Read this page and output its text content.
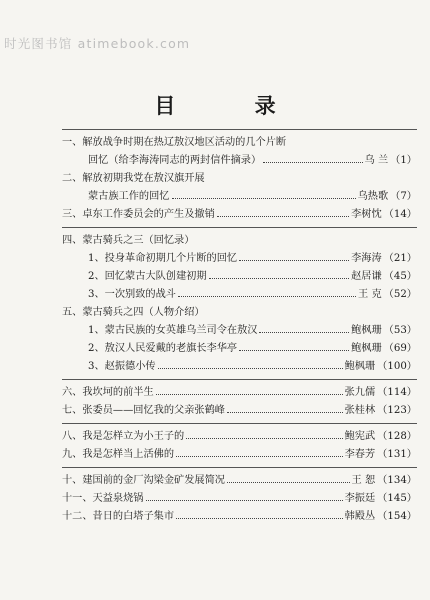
时光图书馆 atimebook.com
目 录
一、解放战争时期在热辽敖汉地区活动的几个片断
回忆（给李海涛同志的两封信件摘录）	乌 兰 （1）
二、解放初期我党在敖汉旗开展
蒙古族工作的回忆	乌热歌 （7）
三、卓东工作委员会的产生及撤销	李树忱 （14）
四、蒙古骑兵之三（回忆录）
1、投身革命初期几个片断的回忆	李海涛 （21）
2、回忆蒙古大队创建初期	赵居谦 （45）
3、一次别致的战斗	王 克 （52）
五、蒙古骑兵之四（人物介绍）
1、蒙古民族的女英雄乌兰司令在敖汉	鲍枫珊 （53）
2、敖汉人民爱戴的老旗长李华亭	鲍枫珊 （69）
3、赵振德小传	鲍枫珊 （100）
六、我坎坷的前半生	张九儒 （114）
七、张委员——回忆我的父亲张鹤峰	张桂林 （123）
八、我是怎样立为小王子的	鲍宪武 （128）
九、我是怎样当上活佛的	李春芳 （131）
十、建国前的金厂沟梁金矿发展简况	王 恕 （134）
十一、天益泉烧锅	李振廷 （145）
十二、昔日的白塔子集市	韩殿丛 （154）
